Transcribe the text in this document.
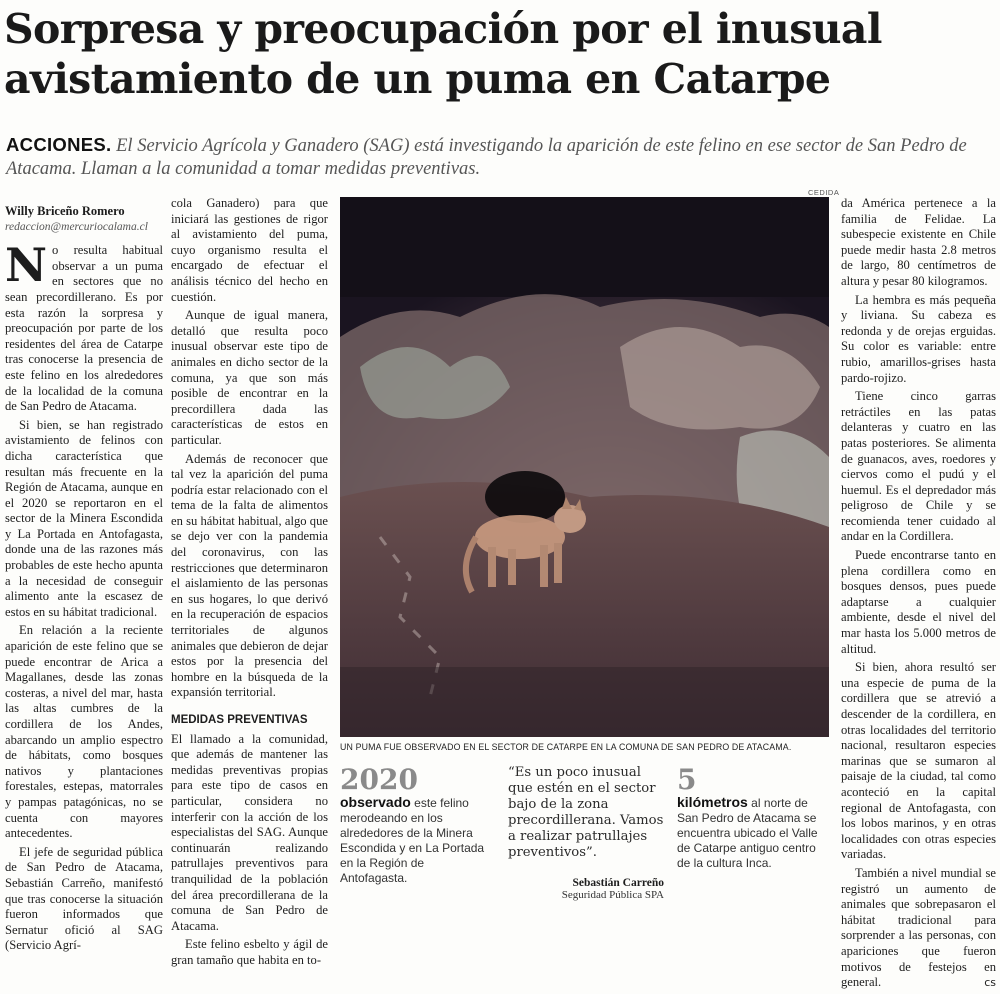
Sorpresa y preocupación por el inusual avistamiento de un puma en Catarpe

ACCIONES. El Servicio Agrícola y Ganadero (SAG) está investigando la aparición de este felino en ese sector de San Pedro de Atacama. Llaman a la comunidad a tomar medidas preventivas.

Willy Briceño Romero
redaccion@mercuriocalama.cl

No resulta habitual observar a un puma en sectores que no sean precordillerano. Es por esta razón la sorpresa y preocupación por parte de los residentes del área de Catarpe tras conocerse la presencia de este felino en los alrededores de la localidad de la comuna de San Pedro de Atacama.

Si bien, se han registrado avistamiento de felinos con dicha característica que resultan más frecuente en la Región de Atacama, aunque en el 2020 se reportaron en el sector de la Minera Escondida y La Portada en Antofagasta, donde una de las razones más probables de este hecho apunta a la necesidad de conseguir alimento ante la escasez de estos en su hábitat tradicional.

En relación a la reciente aparición de este felino que se puede encontrar de Arica a Magallanes, desde las zonas costeras, a nivel del mar, hasta las altas cumbres de la cordillera de los Andes, abarcando un amplio espectro de hábitats, como bosques nativos y plantaciones forestales, estepas, matorrales y pampas patagónicas, no se cuenta con mayores antecedentes.

El jefe de seguridad pública de San Pedro de Atacama, Sebastián Carreño, manifestó que tras conocerse la situación fueron informados que Sernatur ofició al SAG (Servicio Agrí-

cola Ganadero) para que iniciará las gestiones de rigor al avistamiento del puma, cuyo organismo resulta el encargado de efectuar el análisis técnico del hecho en cuestión.

Aunque de igual manera, detalló que resulta poco inusual observar este tipo de animales en dicho sector de la comuna, ya que son más posible de encontrar en la precordillera dada las características de estos en particular.

Además de reconocer que tal vez la aparición del puma podría estar relacionado con el tema de la falta de alimentos en su hábitat habitual, algo que se dejo ver con la pandemia del coronavirus, con las restricciones que determinaron el aislamiento de las personas en sus hogares, lo que derivó en la recuperación de espacios territoriales de algunos animales que debieron de dejar estos por la presencia del hombre en la búsqueda de la expansión territorial.

MEDIDAS PREVENTIVAS

El llamado a la comunidad, que además de mantener las medidas preventivas propias para este tipo de casos en particular, considera no interferir con la acción de los especialistas del SAG. Aunque continuarán realizando patrullajes preventivos para tranquilidad de la población del área precordillerana de la comuna de San Pedro de Atacama.

Este felino esbelto y ágil de gran tamaño que habita en to-

CEDIDA
UN PUMA FUE OBSERVADO EN EL SECTOR DE CATARPE EN LA COMUNA DE SAN PEDRO DE ATACAMA.
2020
observado este felino merodeando en los alrededores de la Minera Escondida y en La Portada en la Región de Antofagasta.
“Es un poco inusual que estén en el sector bajo de la zona precordillerana. Vamos a realizar patrullajes preventivos”.
Sebastián Carreño
Seguridad Pública SPA
5
kilómetros al norte de San Pedro de Atacama se encuentra ubicado el Valle de Catarpe antiguo centro de la cultura Inca.

da América pertenece a la familia de Felidae. La subespecie existente en Chile puede medir hasta 2.8 metros de largo, 80 centímetros de altura y pesar 80 kilogramos.

La hembra es más pequeña y liviana. Su cabeza es redonda y de orejas erguidas. Su color es variable: entre rubio, amarillos-grises hasta pardo-rojizo.

Tiene cinco garras retráctiles en las patas delanteras y cuatro en las patas posteriores. Se alimenta de guanacos, aves, roedores y ciervos como el pudú y el huemul. Es el depredador más peligroso de Chile y se recomienda tener cuidado al andar en la Cordillera.

Puede encontrarse tanto en plena cordillera como en bosques densos, pues puede adaptarse a cualquier ambiente, desde el nivel del mar hasta los 5.000 metros de altitud.

Si bien, ahora resultó ser una especie de puma de la cordillera que se atrevió a descender de la cordillera, en otras localidades del territorio nacional, resultaron especies marinas que se sumaron al paisaje de la ciudad, tal como aconteció en la capital regional de Antofagasta, con los lobos marinos, y en otras localidades con otras especies variadas.

También a nivel mundial se registró un aumento de animales que sobrepasaron el hábitat tradicional para sorprender a las personas, con apariciones que fueron motivos de festejos en general.	cs
